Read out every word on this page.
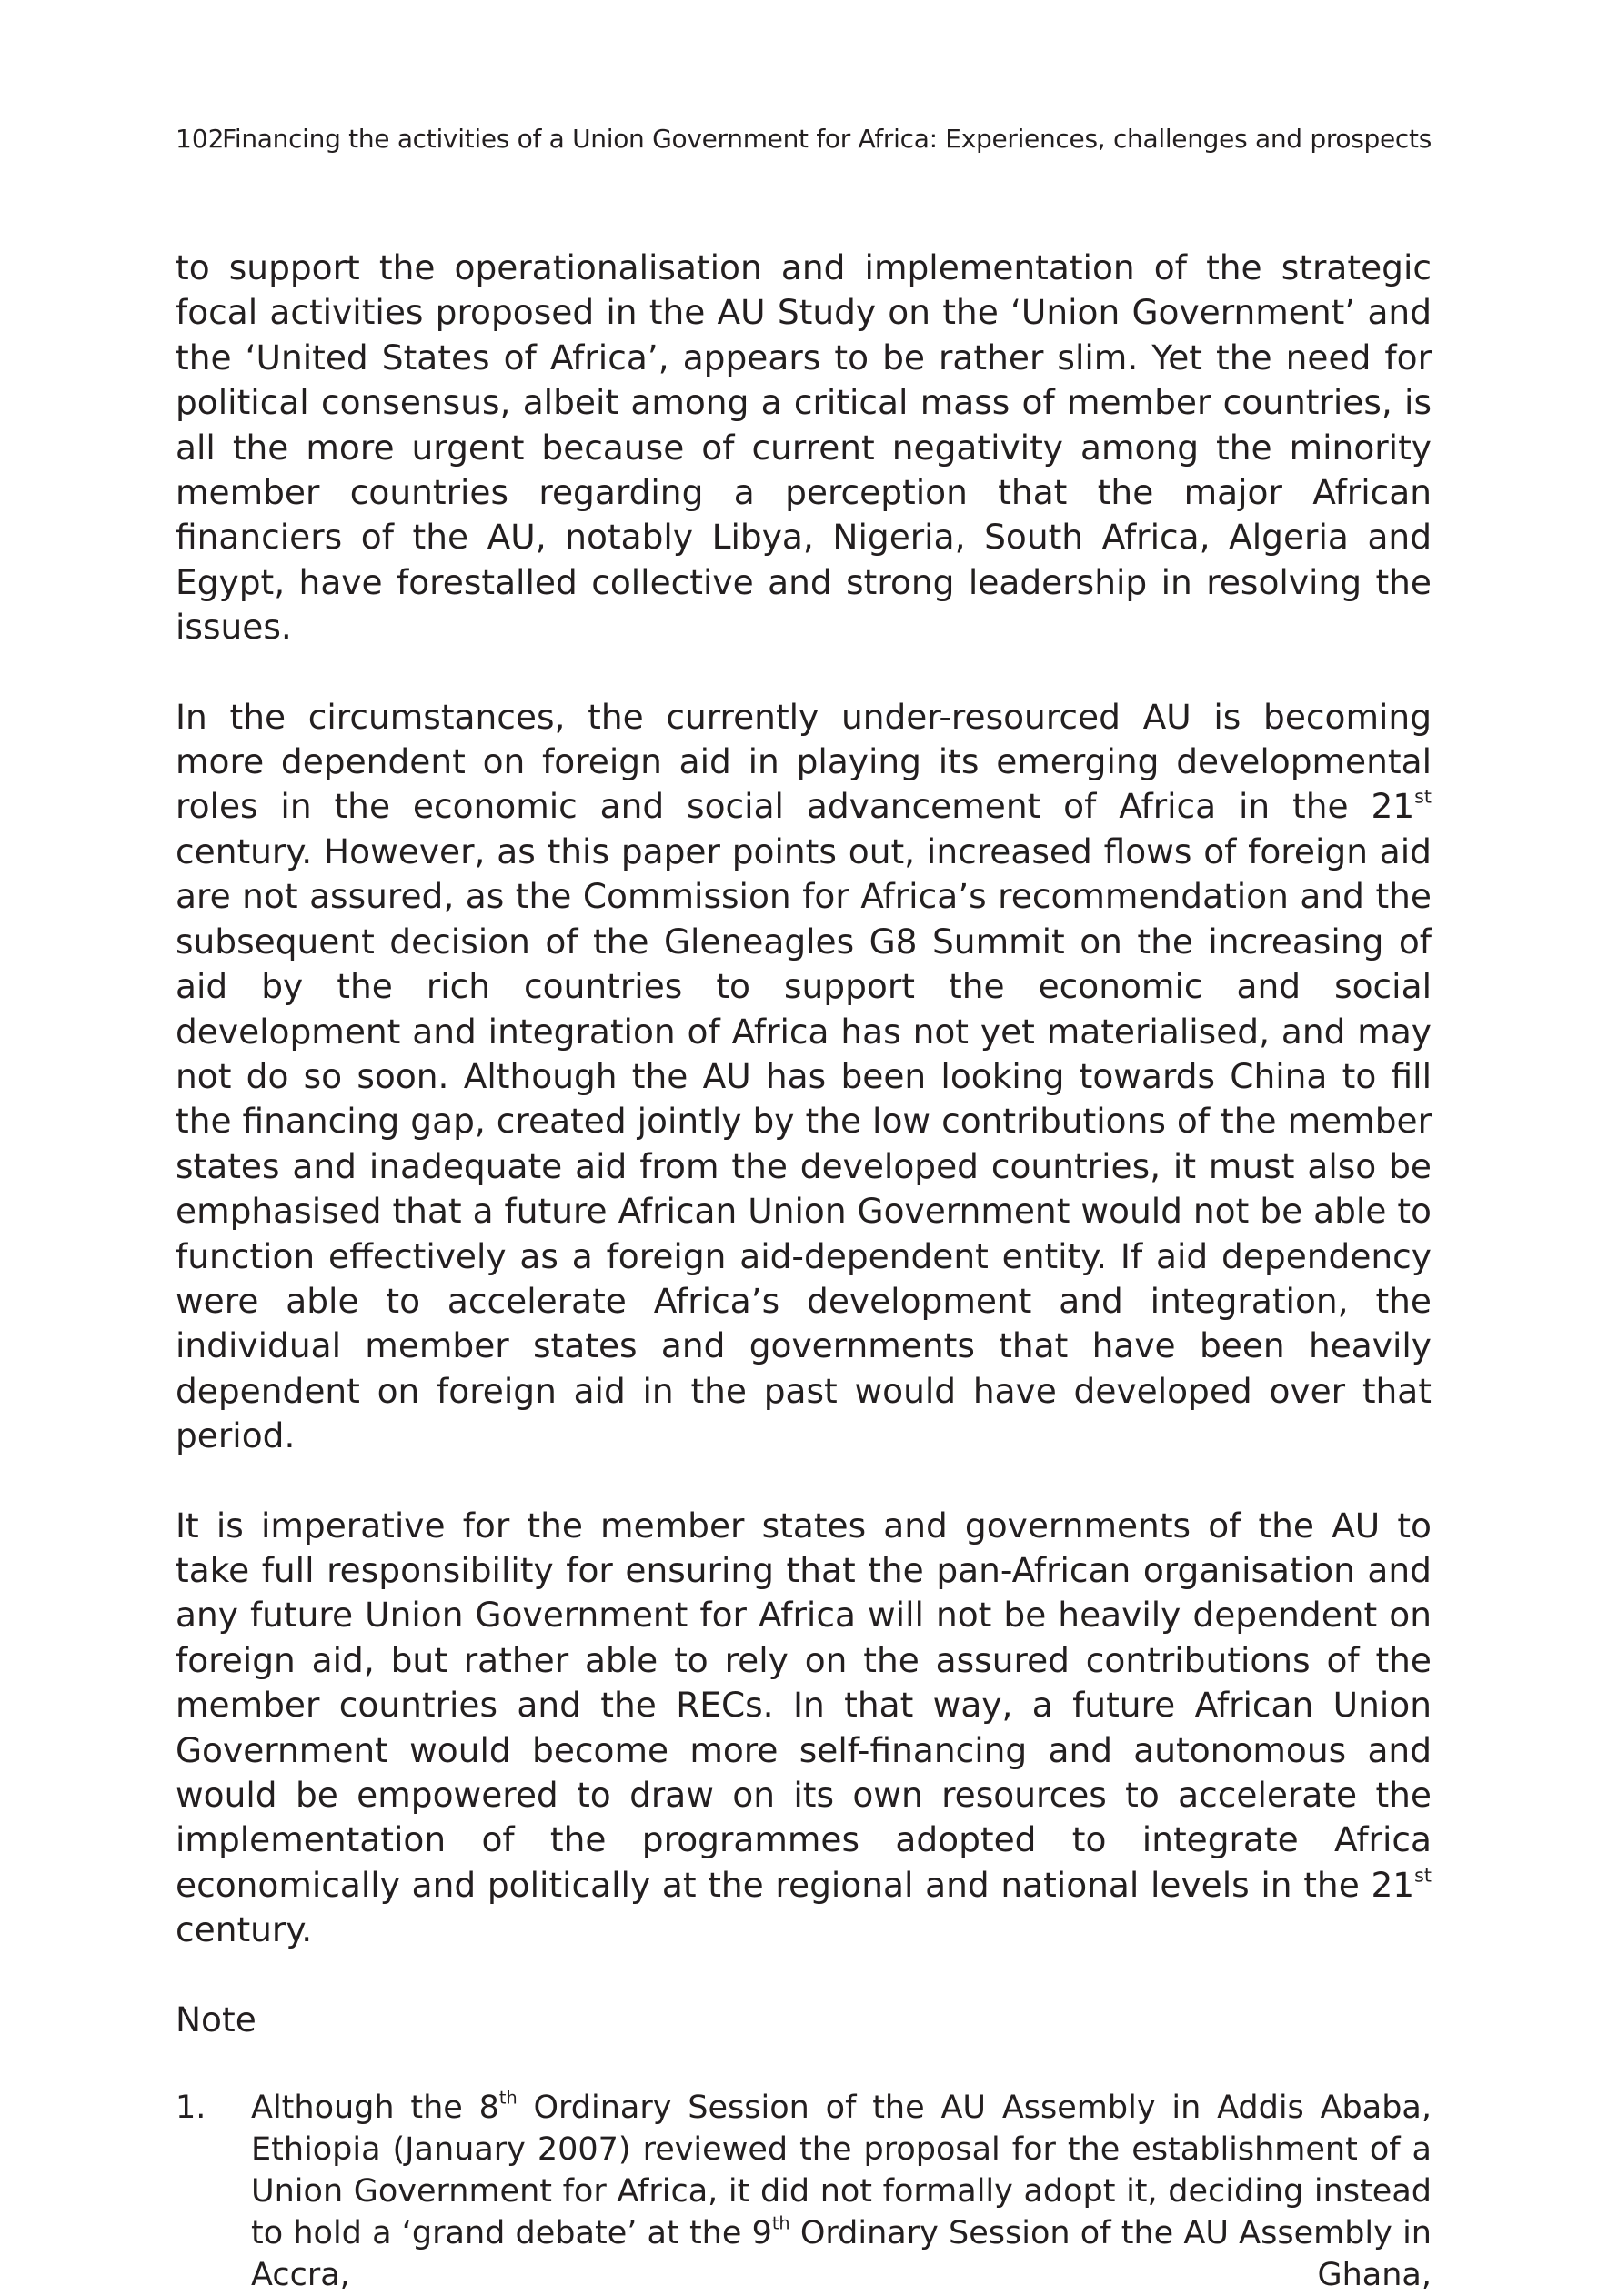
102
Financing the activities of a Union Government for Africa: Experiences, challenges and prospects

to support the operationalisation and implementation of the strategic focal activities proposed in the AU Study on the ‘Union Government’ and the ‘United States of Africa’, appears to be rather slim. Yet the need for political consensus, albeit among a critical mass of member countries, is all the more urgent because of current negativity among the minority member countries regarding a perception that the major African financiers of the AU, notably Libya, Nigeria, South Africa, Algeria and Egypt, have forestalled collective and strong leadership in resolving the issues.

In the circumstances, the currently under-resourced AU is becoming more dependent on foreign aid in playing its emerging developmental roles in the economic and social advancement of Africa in the 21st century. However, as this paper points out, increased flows of foreign aid are not assured, as the Commission for Africa’s recommendation and the subsequent decision of the Gleneagles G8 Summit on the increasing of aid by the rich countries to support the economic and social development and integration of Africa has not yet materialised, and may not do so soon. Although the AU has been looking towards China to fill the financing gap, created jointly by the low contributions of the member states and inadequate aid from the developed countries, it must also be emphasised that a future African Union Government would not be able to function effectively as a foreign aid-dependent entity. If aid dependency were able to accelerate Africa’s development and integration, the individual member states and governments that have been heavily dependent on foreign aid in the past would have developed over that period.

It is imperative for the member states and governments of the AU to take full responsibility for ensuring that the pan-African organisation and any future Union Government for Africa will not be heavily dependent on foreign aid, but rather able to rely on the assured contributions of the member countries and the RECs. In that way, a future African Union Government would become more self-financing and autonomous and would be empowered to draw on its own resources to accelerate the implementation of the programmes adopted to integrate Africa economically and politically at the regional and national levels in the 21st century.

Note
1. Although the 8th Ordinary Session of the AU Assembly in Addis Ababa, Ethiopia (January 2007) reviewed the proposal for the establishment of a Union Government for Africa, it did not formally adopt it, deciding instead to hold a ‘grand debate’ at the 9th Ordinary Session of the AU Assembly in Accra, Ghana,
